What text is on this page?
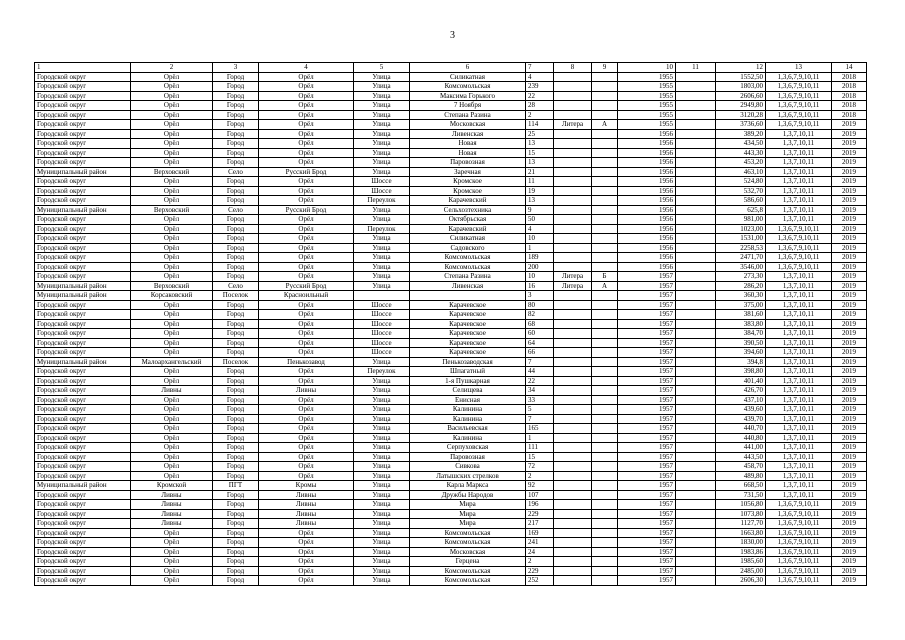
3
1	2	3	4	5	6	7	8	9	10	11	12	13	14
Городской округ	Орёл	Город	Орёл	Улица	Силикатная	4			1955		1552,50	1,3,6,7,9,10,11	2018
Городской округ	Орёл	Город	Орёл	Улица	Комсомольская	239			1955		1803,00	1,3,6,7,9,10,11	2018
Городской округ	Орёл	Город	Орёл	Улица	Максима Горького	22			1955		2606,60	1,3,6,7,9,10,11	2018
Городской округ	Орёл	Город	Орёл	Улица	7 Ноября	28			1955		2949,80	1,3,6,7,9,10,11	2018
Городской округ	Орёл	Город	Орёл	Улица	Степана Разина	2			1955		3120,28	1,3,6,7,9,10,11	2018
Городской округ	Орёл	Город	Орёл	Улица	Московская	114	Литера	А	1955		3736,60	1,3,6,7,9,10,11	2019
Городской округ	Орёл	Город	Орёл	Улица	Ливенская	25			1956		389,20	1,3,7,10,11	2019
Городской округ	Орёл	Город	Орёл	Улица	Новая	13			1956		434,50	1,3,7,10,11	2019
Городской округ	Орёл	Город	Орёл	Улица	Новая	15			1956		443,30	1,3,7,10,11	2019
Городской округ	Орёл	Город	Орёл	Улица	Паровозная	13			1956		453,20	1,3,7,10,11	2019
Муниципальный район	Верховский	Село	Русский Брод	Улица	Заречная	21			1956		463,10	1,3,7,10,11	2019
Городской округ	Орёл	Город	Орёл	Шоссе	Кромское	11			1956		524,80	1,3,7,10,11	2019
Городской округ	Орёл	Город	Орёл	Шоссе	Кромское	19			1956		532,70	1,3,7,10,11	2019
Городской округ	Орёл	Город	Орёл	Переулок	Карачевский	13			1956		586,60	1,3,7,10,11	2019
Муниципальный район	Верховский	Село	Русский Брод	Улица	Сельхозтехника	9			1956		625,8	1,3,7,10,11	2019
Городской округ	Орёл	Город	Орёл	Улица	Октябрьская	50			1956		981,00	1,3,7,10,11	2019
Городской округ	Орёл	Город	Орёл	Переулок	Карачевский	4			1956		1023,00	1,3,6,7,9,10,11	2019
Городской округ	Орёл	Город	Орёл	Улица	Силикатная	10			1956		1531,00	1,3,6,7,9,10,11	2019
Городской округ	Орёл	Город	Орёл	Улица	Садовского	1			1956		2258,53	1,3,6,7,9,10,11	2019
Городской округ	Орёл	Город	Орёл	Улица	Комсомольская	189			1956		2471,70	1,3,6,7,9,10,11	2019
Городской округ	Орёл	Город	Орёл	Улица	Комсомольская	200			1956		3546,00	1,3,6,7,9,10,11	2019
Городской округ	Орёл	Город	Орёл	Улица	Степана Разина	10	Литера	Б	1957		273,30	1,3,7,10,11	2019
Муниципальный район	Верховский	Село	Русский Брод	Улица	Ливенская	16	Литера	А	1957		286,20	1,3,7,10,11	2019
Муниципальный район	Корсаковский	Поселок	Красноильный			3			1957		360,30	1,3,7,10,11	2019
Городской округ	Орёл	Город	Орёл	Шоссе	Карачевское	80			1957		375,00	1,3,7,10,11	2019
Городской округ	Орёл	Город	Орёл	Шоссе	Карачевское	82			1957		381,60	1,3,7,10,11	2019
Городской округ	Орёл	Город	Орёл	Шоссе	Карачевское	68			1957		383,80	1,3,7,10,11	2019
Городской округ	Орёл	Город	Орёл	Шоссе	Карачевское	60			1957		384,70	1,3,7,10,11	2019
Городской округ	Орёл	Город	Орёл	Шоссе	Карачевское	64			1957		390,50	1,3,7,10,11	2019
Городской округ	Орёл	Город	Орёл	Шоссе	Карачевское	66			1957		394,60	1,3,7,10,11	2019
Муниципальный район	Малоархангельский	Поселок	Пенькозавод	Улица	Пенькозаводская	7			1957		394,8	1,3,7,10,11	2019
Городской округ	Орёл	Город	Орёл	Переулок	Шпагатный	44			1957		398,80	1,3,7,10,11	2019
Городской округ	Орёл	Город	Орёл	Улица	1-я Пушкарная	22			1957		401,40	1,3,7,10,11	2019
Городской округ	Ливны	Город	Ливны	Улица	Селищева	34			1957		426,70	1,3,7,10,11	2019
Городской округ	Орёл	Город	Орёл	Улица	Енисная	33			1957		437,10	1,3,7,10,11	2019
Городской округ	Орёл	Город	Орёл	Улица	Калинина	5			1957		439,60	1,3,7,10,11	2019
Городской округ	Орёл	Город	Орёл	Улица	Калинина	7			1957		439,70	1,3,7,10,11	2019
Городской округ	Орёл	Город	Орёл	Улица	Васильевская	165			1957		440,70	1,3,7,10,11	2019
Городской округ	Орёл	Город	Орёл	Улица	Калинина	1			1957		440,80	1,3,7,10,11	2019
Городской округ	Орёл	Город	Орёл	Улица	Серпуховская	111			1957		441,00	1,3,7,10,11	2019
Городской округ	Орёл	Город	Орёл	Улица	Паровозная	15			1957		443,50	1,3,7,10,11	2019
Городской округ	Орёл	Город	Орёл	Улица	Сивкова	72			1957		458,70	1,3,7,10,11	2019
Городской округ	Орёл	Город	Орёл	Улица	Латышских стрелков	2			1957		489,80	1,3,7,10,11	2019
Муниципальный район	Кромской	ПГТ	Кромы	Улица	Карла Маркса	92			1957		668,50	1,3,7,10,11	2019
Городской округ	Ливны	Город	Ливны	Улица	Дружбы Народов	107			1957		731,50	1,3,7,10,11	2019
Городской округ	Ливны	Город	Ливны	Улица	Мира	196			1957		1056,80	1,3,6,7,9,10,11	2019
Городской округ	Ливны	Город	Ливны	Улица	Мира	229			1957		1073,80	1,3,6,7,9,10,11	2019
Городской округ	Ливны	Город	Ливны	Улица	Мира	217			1957		1127,70	1,3,6,7,9,10,11	2019
Городской округ	Орёл	Город	Орёл	Улица	Комсомольская	169			1957		1663,80	1,3,6,7,9,10,11	2019
Городской округ	Орёл	Город	Орёл	Улица	Комсомольская	241			1957		1830,00	1,3,6,7,9,10,11	2019
Городской округ	Орёл	Город	Орёл	Улица	Московская	24			1957		1983,86	1,3,6,7,9,10,11	2019
Городской округ	Орёл	Город	Орёл	Улица	Герцена	2			1957		1985,60	1,3,6,7,9,10,11	2019
Городской округ	Орёл	Город	Орёл	Улица	Комсомольская	229			1957		2485,00	1,3,6,7,9,10,11	2019
Городской округ	Орёл	Город	Орёл	Улица	Комсомольская	252			1957		2606,30	1,3,6,7,9,10,11	2019
